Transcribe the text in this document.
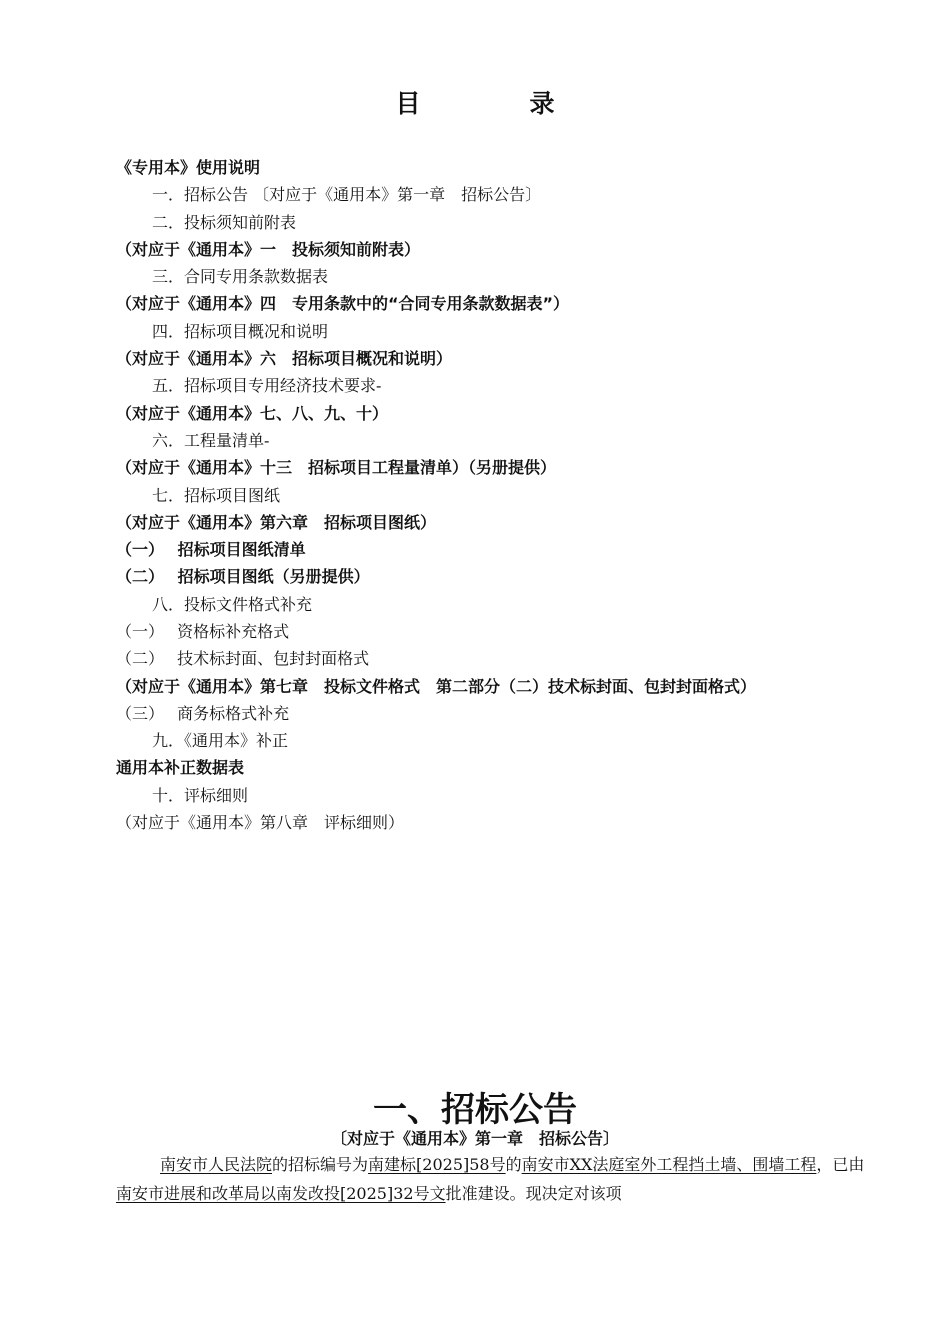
目　录
《专用本》使用说明
一．招标公告 〔对应于《通用本》第一章　招标公告〕
二．投标须知前附表
（对应于《通用本》一　投标须知前附表）
三．合同专用条款数据表
（对应于《通用本》四　专用条款中的“合同专用条款数据表”）
四．招标项目概况和说明
（对应于《通用本》六　招标项目概况和说明）
五．招标项目专用经济技术要求-
（对应于《通用本》七、八、九、十）
六．工程量清单-
（对应于《通用本》十三　招标项目工程量清单）（另册提供）
七．招标项目图纸
（对应于《通用本》第六章　招标项目图纸）
（一）　 招标项目图纸清单
（二）　 招标项目图纸（另册提供）
八．投标文件格式补充
（一）　 资格标补充格式
（二）　 技术标封面、包封封面格式
（对应于《通用本》第七章　投标文件格式　第二部分（二）技术标封面、包封封面格式）
（三）　 商务标格式补充
九．《通用本》补正
通用本补正数据表
十．评标细则
（对应于《通用本》第八章　评标细则）
一、招标公告
〔对应于《通用本》第一章　招标公告〕
南安市人民法院的招标编号为南建标[2025]58号的南安市XX法庭室外工程挡土墙、围墙工程，已由南安市进展和改革局以南发改投[2025]32号文批准建设。现决定对该项
